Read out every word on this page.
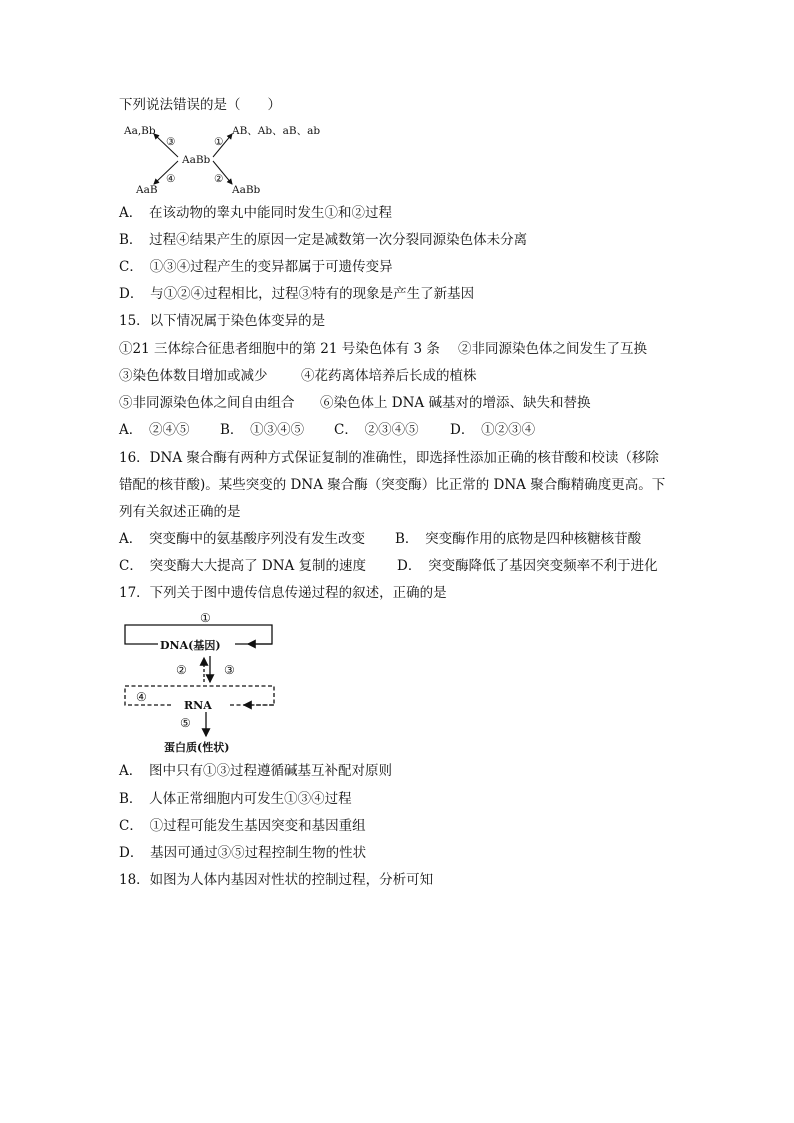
下列说法错误的是（　　）
Aa,Bb
③	①
AB、Ab、aB、ab
AaBb
④	②
AaB	AaBb
A．　在该动物的睾丸中能同时发生①和②过程
B．　过程④结果产生的原因一定是减数第一次分裂同源染色体未分离
C．　①③④过程产生的变异都属于可遗传变异
D．　与①②④过程相比，过程③特有的现象是产生了新基因
15．以下情况属于染色体变异的是
①21 三体综合征患者细胞中的第 21 号染色体有 3 条 ②非同源染色体之间发生了互换
③染色体数目增加或减少 ④花药离体培养后长成的植株
⑤非同源染色体之间自由组合 ⑥染色体上 DNA 碱基对的增添、缺失和替换
A．　②④⑤ B．　①③④⑤ C．　②③④⑤ D．　①②③④
16．DNA 聚合酶有两种方式保证复制的准确性，即选择性添加正确的核苷酸和校读（移除
错配的核苷酸)。某些突变的 DNA 聚合酶（突变酶）比正常的 DNA 聚合酶精确度更高。下
列有关叙述正确的是
A．　突变酶中的氨基酸序列没有发生改变 B．　突变酶作用的底物是四种核糖核苷酸
C．　突变酶大大提高了 DNA 复制的速度 D．　突变酶降低了基因突变频率不利于进化
17．下列关于图中遗传信息传递过程的叙述，正确的是
①
DNA(基因)
②	③
④
RNA
⑤
蛋白质(性状)
A．　图中只有①③过程遵循碱基互补配对原则
B．　人体正常细胞内可发生①③④过程
C．　①过程可能发生基因突变和基因重组
D．　基因可通过③⑤过程控制生物的性状
18．如图为人体内基因对性状的控制过程，分析可知
